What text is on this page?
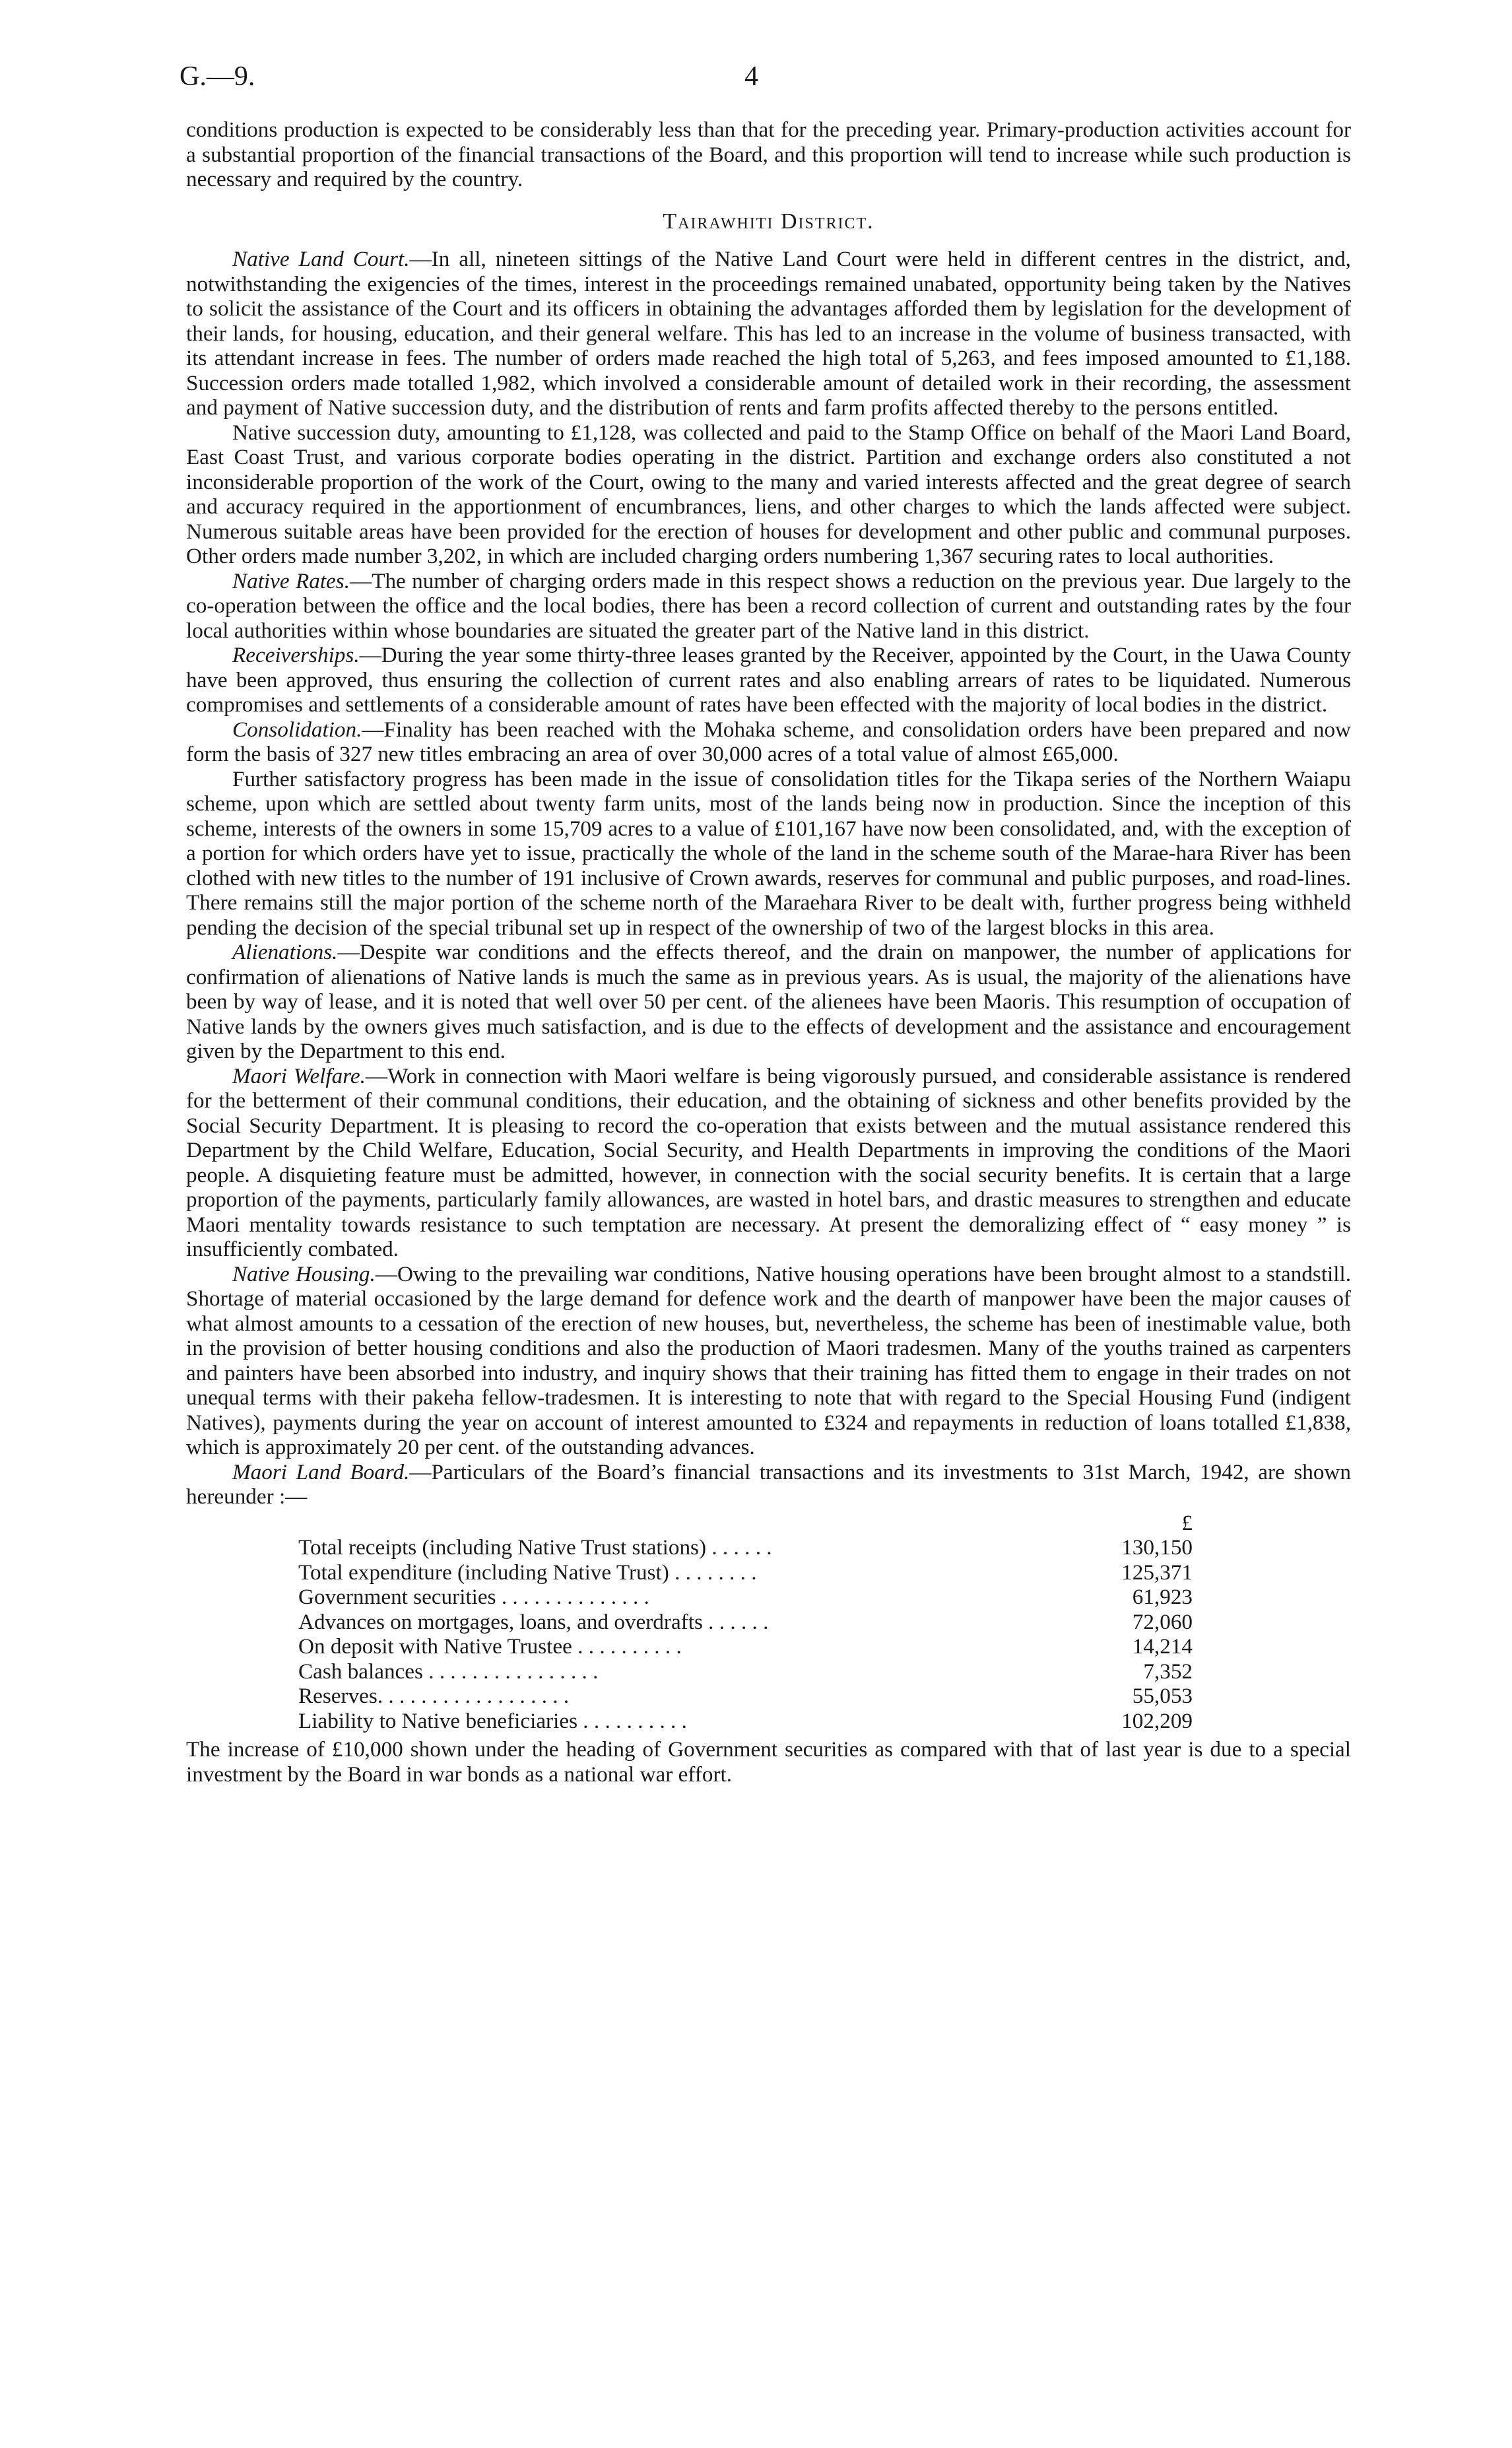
G.—9.	4

conditions production is expected to be considerably less than that for the preceding year. Primary-production activities account for a substantial proportion of the financial transactions of the Board, and this proportion will tend to increase while such production is necessary and required by the country.

Tairawhiti District.

Native Land Court.—In all, nineteen sittings of the Native Land Court were held in different centres in the district, and, notwithstanding the exigencies of the times, interest in the proceedings remained unabated, opportunity being taken by the Natives to solicit the assistance of the Court and its officers in obtaining the advantages afforded them by legislation for the development of their lands, for housing, education, and their general welfare. This has led to an increase in the volume of business transacted, with its attendant increase in fees. The number of orders made reached the high total of 5,263, and fees imposed amounted to £1,188. Succession orders made totalled 1,982, which involved a considerable amount of detailed work in their recording, the assessment and payment of Native succession duty, and the distribution of rents and farm profits affected thereby to the persons entitled.

Native succession duty, amounting to £1,128, was collected and paid to the Stamp Office on behalf of the Maori Land Board, East Coast Trust, and various corporate bodies operating in the district. Partition and exchange orders also constituted a not inconsiderable proportion of the work of the Court, owing to the many and varied interests affected and the great degree of search and accuracy required in the apportionment of encumbrances, liens, and other charges to which the lands affected were subject. Numerous suitable areas have been provided for the erection of houses for development and other public and communal purposes. Other orders made number 3,202, in which are included charging orders numbering 1,367 securing rates to local authorities.

Native Rates.—The number of charging orders made in this respect shows a reduction on the previous year. Due largely to the co-operation between the office and the local bodies, there has been a record collection of current and outstanding rates by the four local authorities within whose boundaries are situated the greater part of the Native land in this district.

Receiverships.—During the year some thirty-three leases granted by the Receiver, appointed by the Court, in the Uawa County have been approved, thus ensuring the collection of current rates and also enabling arrears of rates to be liquidated. Numerous compromises and settlements of a considerable amount of rates have been effected with the majority of local bodies in the district.

Consolidation.—Finality has been reached with the Mohaka scheme, and consolidation orders have been prepared and now form the basis of 327 new titles embracing an area of over 30,000 acres of a total value of almost £65,000.

Further satisfactory progress has been made in the issue of consolidation titles for the Tikapa series of the Northern Waiapu scheme, upon which are settled about twenty farm units, most of the lands being now in production. Since the inception of this scheme, interests of the owners in some 15,709 acres to a value of £101,167 have now been consolidated, and, with the exception of a portion for which orders have yet to issue, practically the whole of the land in the scheme south of the Marae-hara River has been clothed with new titles to the number of 191 inclusive of Crown awards, reserves for communal and public purposes, and road-lines. There remains still the major portion of the scheme north of the Maraehara River to be dealt with, further progress being withheld pending the decision of the special tribunal set up in respect of the ownership of two of the largest blocks in this area.

Alienations.—Despite war conditions and the effects thereof, and the drain on manpower, the number of applications for confirmation of alienations of Native lands is much the same as in previous years. As is usual, the majority of the alienations have been by way of lease, and it is noted that well over 50 per cent. of the alienees have been Maoris. This resumption of occupation of Native lands by the owners gives much satisfaction, and is due to the effects of development and the assistance and encouragement given by the Department to this end.

Maori Welfare.—Work in connection with Maori welfare is being vigorously pursued, and considerable assistance is rendered for the betterment of their communal conditions, their education, and the obtaining of sickness and other benefits provided by the Social Security Department. It is pleasing to record the co-operation that exists between and the mutual assistance rendered this Department by the Child Welfare, Education, Social Security, and Health Departments in improving the conditions of the Maori people. A disquieting feature must be admitted, however, in connection with the social security benefits. It is certain that a large proportion of the payments, particularly family allowances, are wasted in hotel bars, and drastic measures to strengthen and educate Maori mentality towards resistance to such temptation are necessary. At present the demoralizing effect of “ easy money ” is insufficiently combated.

Native Housing.—Owing to the prevailing war conditions, Native housing operations have been brought almost to a standstill. Shortage of material occasioned by the large demand for defence work and the dearth of manpower have been the major causes of what almost amounts to a cessation of the erection of new houses, but, nevertheless, the scheme has been of inestimable value, both in the provision of better housing conditions and also the production of Maori tradesmen. Many of the youths trained as carpenters and painters have been absorbed into industry, and inquiry shows that their training has fitted them to engage in their trades on not unequal terms with their pakeha fellow-tradesmen. It is interesting to note that with regard to the Special Housing Fund (indigent Natives), payments during the year on account of interest amounted to £324 and repayments in reduction of loans totalled £1,838, which is approximately 20 per cent. of the outstanding advances.

Maori Land Board.—Particulars of the Board’s financial transactions and its investments to 31st March, 1942, are shown hereunder :—

	£
Total receipts (including Native Trust stations) . . . . . .	130,150
Total expenditure (including Native Trust) . . . . . . . .	125,371
Government securities . . . . . . . . . . . . . .	61,923
Advances on mortgages, loans, and overdrafts . . . . . .	72,060
On deposit with Native Trustee . . . . . . . . . .	14,214
Cash balances . . . . . . . . . . . . . . . .	7,352
Reserves. . . . . . . . . . . . . . . . . .	55,053
Liability to Native beneficiaries . . . . . . . . . .	102,209

The increase of £10,000 shown under the heading of Government securities as compared with that of last year is due to a special investment by the Board in war bonds as a national war effort.
